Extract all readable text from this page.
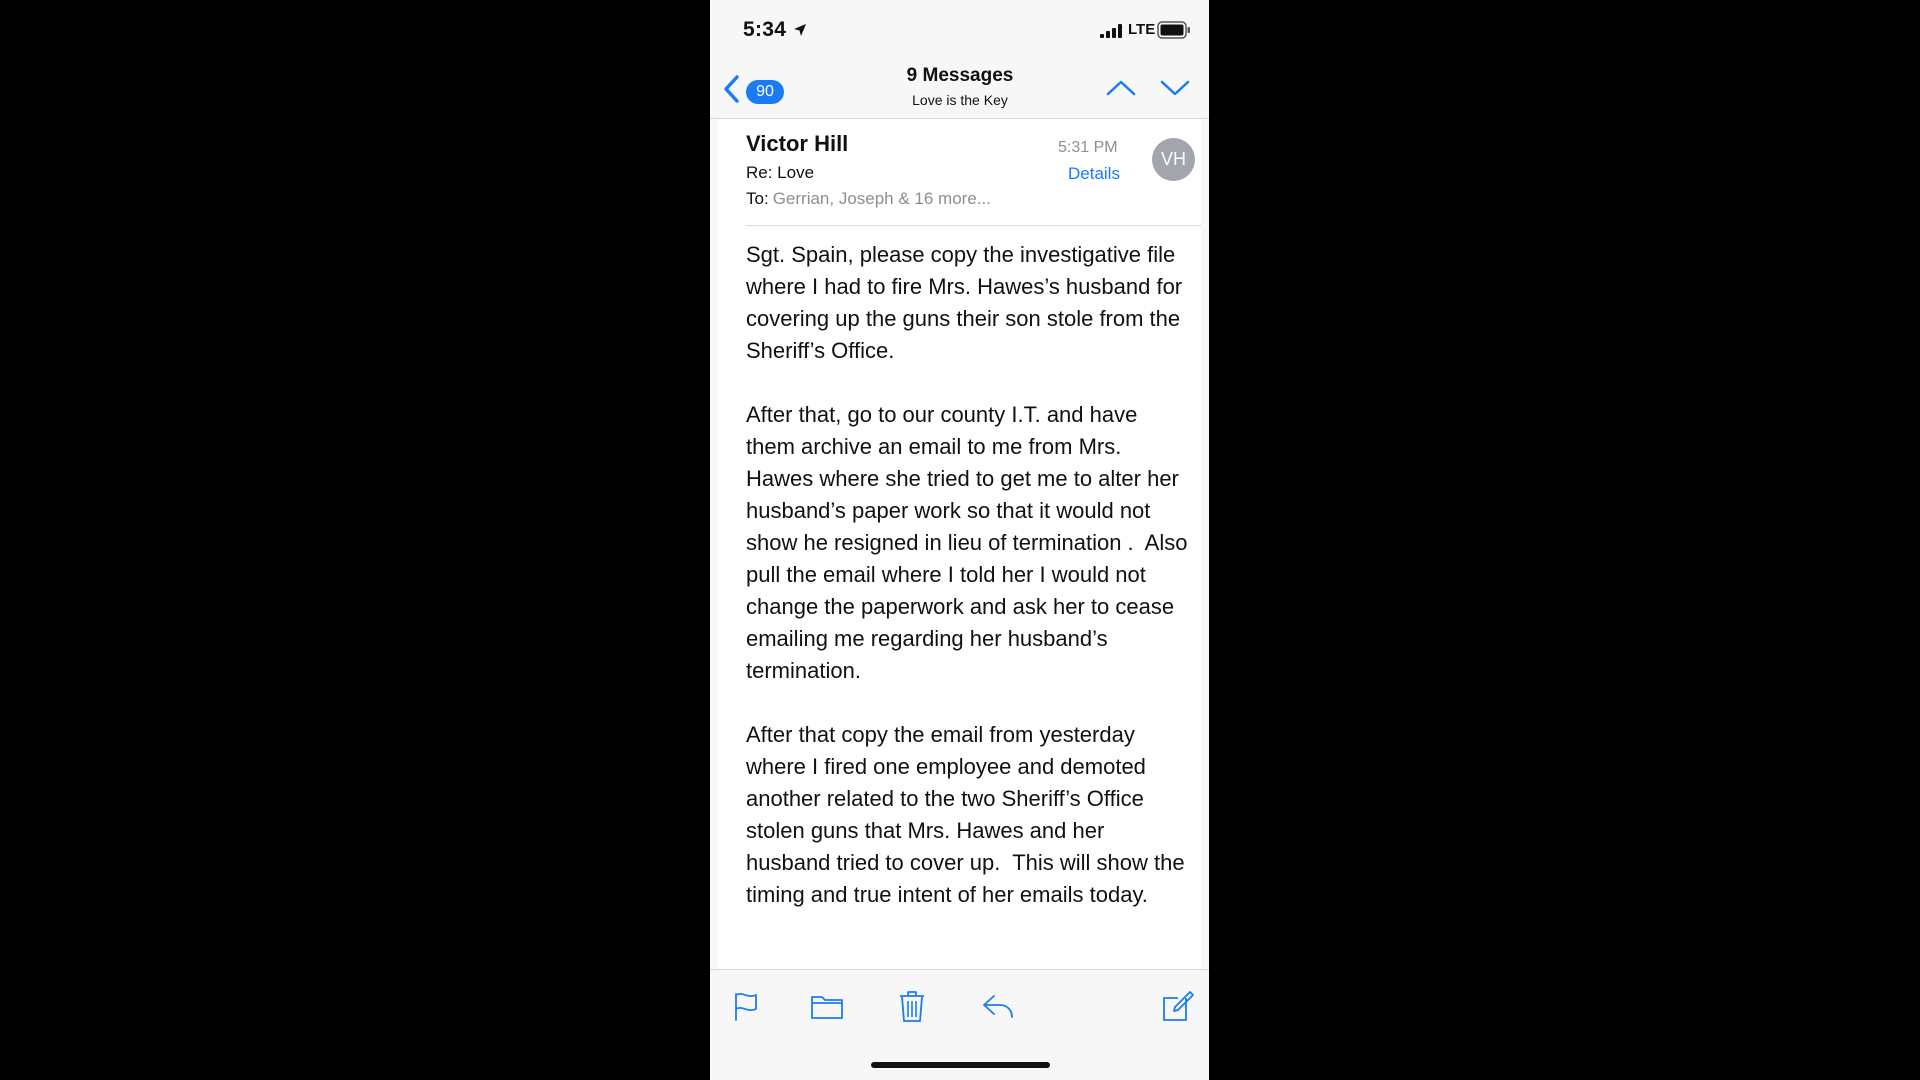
5:34	LTE
90
9 Messages
Love is the Key
Victor Hill
Re: Love
To: Gerrian, Joseph & 16 more...
5:31 PM
Details
VH

Sgt. Spain, please copy the investigative file where I had to fire Mrs. Hawes’s husband for covering up the guns their son stole from the Sheriff’s Office.

After that, go to our county I.T. and have them archive an email to me from Mrs. Hawes where she tried to get me to alter her husband’s paper work so that it would not show he resigned in lieu of termination .  Also pull the email where I told her I would not change the paperwork and ask her to cease emailing me regarding her husband’s termination.

After that copy the email from yesterday where I fired one employee and demoted another related to the two Sheriff’s Office stolen guns that Mrs. Hawes and her husband tried to cover up.  This will show the timing and true intent of her emails today.
